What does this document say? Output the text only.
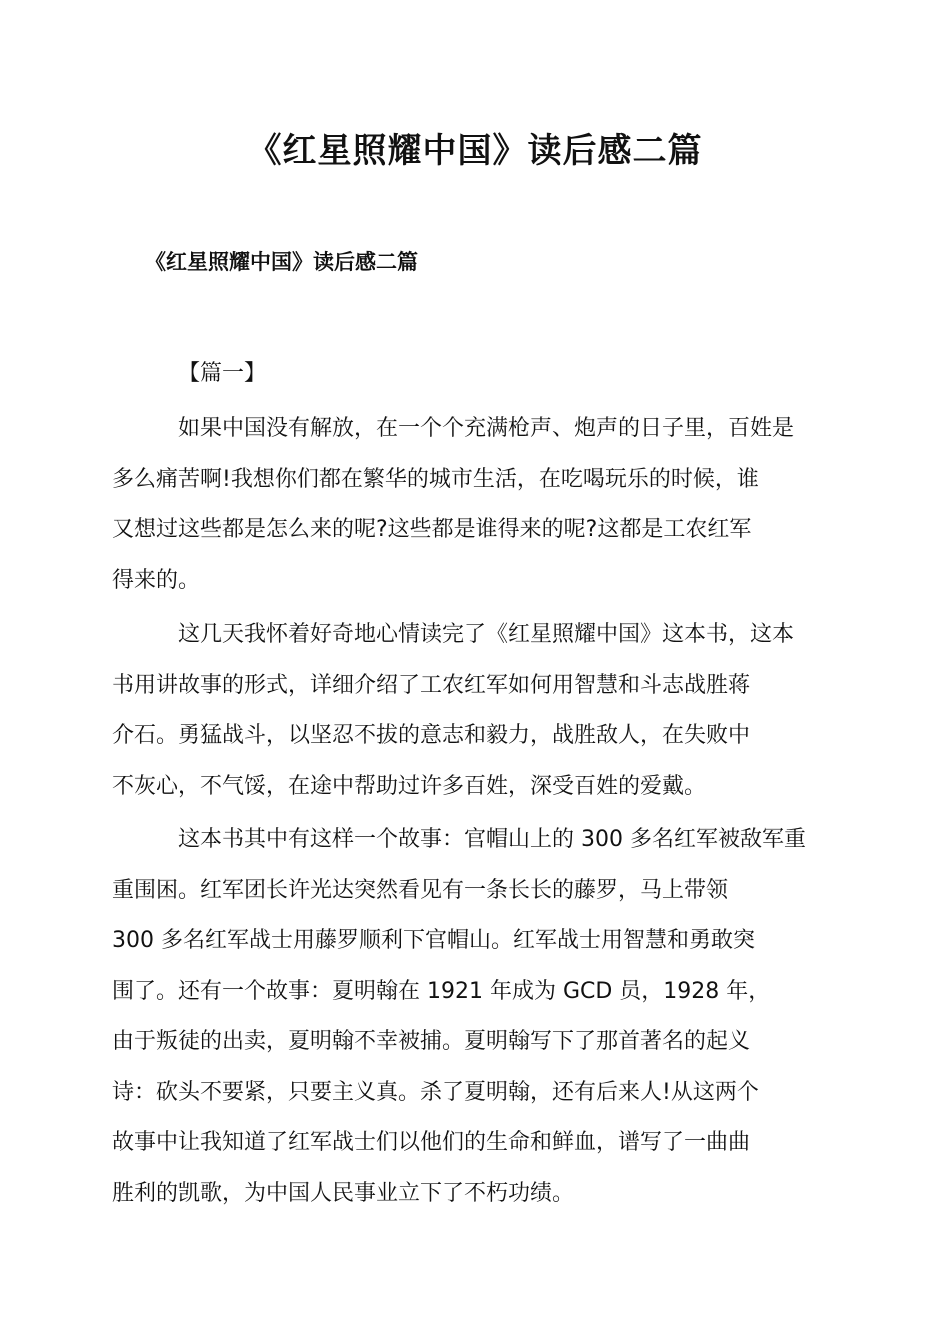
《红星照耀中国》读后感二篇
《红星照耀中国》读后感二篇
【篇一】

如果中国没有解放，在一个个充满枪声、炮声的日子里，百姓是
多么痛苦啊!我想你们都在繁华的城市生活，在吃喝玩乐的时候，谁
又想过这些都是怎么来的呢?这些都是谁得来的呢?这都是工农红军
得来的。

这几天我怀着好奇地心情读完了《红星照耀中国》这本书，这本
书用讲故事的形式，详细介绍了工农红军如何用智慧和斗志战胜蒋
介石。勇猛战斗，以坚忍不拔的意志和毅力，战胜敌人，在失败中
不灰心，不气馁，在途中帮助过许多百姓，深受百姓的爱戴。

这本书其中有这样一个故事：官帽山上的 300 多名红军被敌军重
重围困。红军团长许光达突然看见有一条长长的藤罗，马上带领
300 多名红军战士用藤罗顺利下官帽山。红军战士用智慧和勇敢突
围了。还有一个故事：夏明翰在 1921 年成为 GCD 员，1928 年，
由于叛徒的出卖，夏明翰不幸被捕。夏明翰写下了那首著名的起义
诗：砍头不要紧，只要主义真。杀了夏明翰，还有后来人!从这两个
故事中让我知道了红军战士们以他们的生命和鲜血，谱写了一曲曲
胜利的凯歌，为中国人民事业立下了不朽功绩。
